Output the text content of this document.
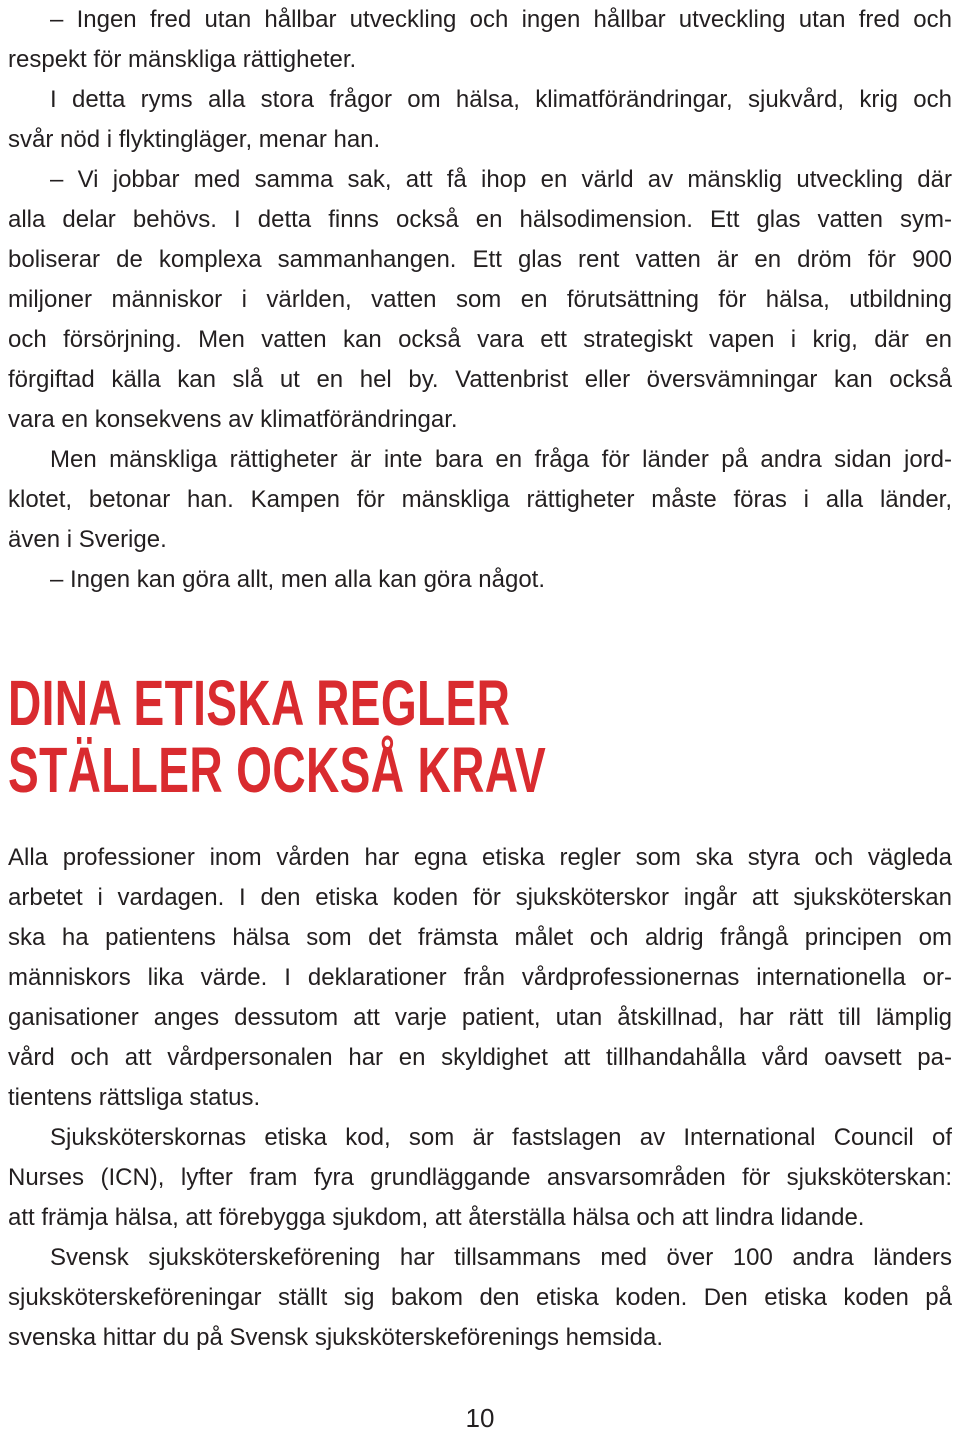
– Ingen fred utan hållbar utveckling och ingen hållbar utveckling utan fred och
respekt för mänskliga rättigheter.
I detta ryms alla stora frågor om hälsa, klimatförändringar, sjukvård, krig och
svår nöd i flyktingläger, menar han.
– Vi jobbar med samma sak, att få ihop en värld av mänsklig utveckling där
alla delar behövs. I detta finns också en hälsodimension. Ett glas vatten sym-
boliserar de komplexa sammanhangen. Ett glas rent vatten är en dröm för 900
miljoner människor i världen, vatten som en förutsättning för hälsa, utbildning
och försörjning. Men vatten kan också vara ett strategiskt vapen i krig, där en
förgiftad källa kan slå ut en hel by. Vattenbrist eller översvämningar kan också
vara en konsekvens av klimatförändringar.
Men mänskliga rättigheter är inte bara en fråga för länder på andra sidan jord-
klotet, betonar han. Kampen för mänskliga rättigheter måste föras i alla länder,
även i Sverige.
– Ingen kan göra allt, men alla kan göra något.
DINA ETISKA REGLER
STÄLLER OCKSÅ KRAV
Alla professioner inom vården har egna etiska regler som ska styra och vägleda
arbetet i vardagen. I den etiska koden för sjuksköterskor ingår att sjuksköterskan
ska ha patientens hälsa som det främsta målet och aldrig frångå principen om
människors lika värde. I deklarationer från vårdprofessionernas internationella or-
ganisationer anges dessutom att varje patient, utan åtskillnad, har rätt till lämplig
vård och att vårdpersonalen har en skyldighet att tillhandahålla vård oavsett pa-
tientens rättsliga status.
Sjuksköterskornas etiska kod, som är fastslagen av International Council of
Nurses (ICN), lyfter fram fyra grundläggande ansvarsområden för sjuksköterskan:
att främja hälsa, att förebygga sjukdom, att återställa hälsa och att lindra lidande.
Svensk sjuksköterskeförening har tillsammans med över 100 andra länders
sjuksköterskeföreningar ställt sig bakom den etiska koden. Den etiska koden på
svenska hittar du på Svensk sjuksköterskeförenings hemsida.
10
